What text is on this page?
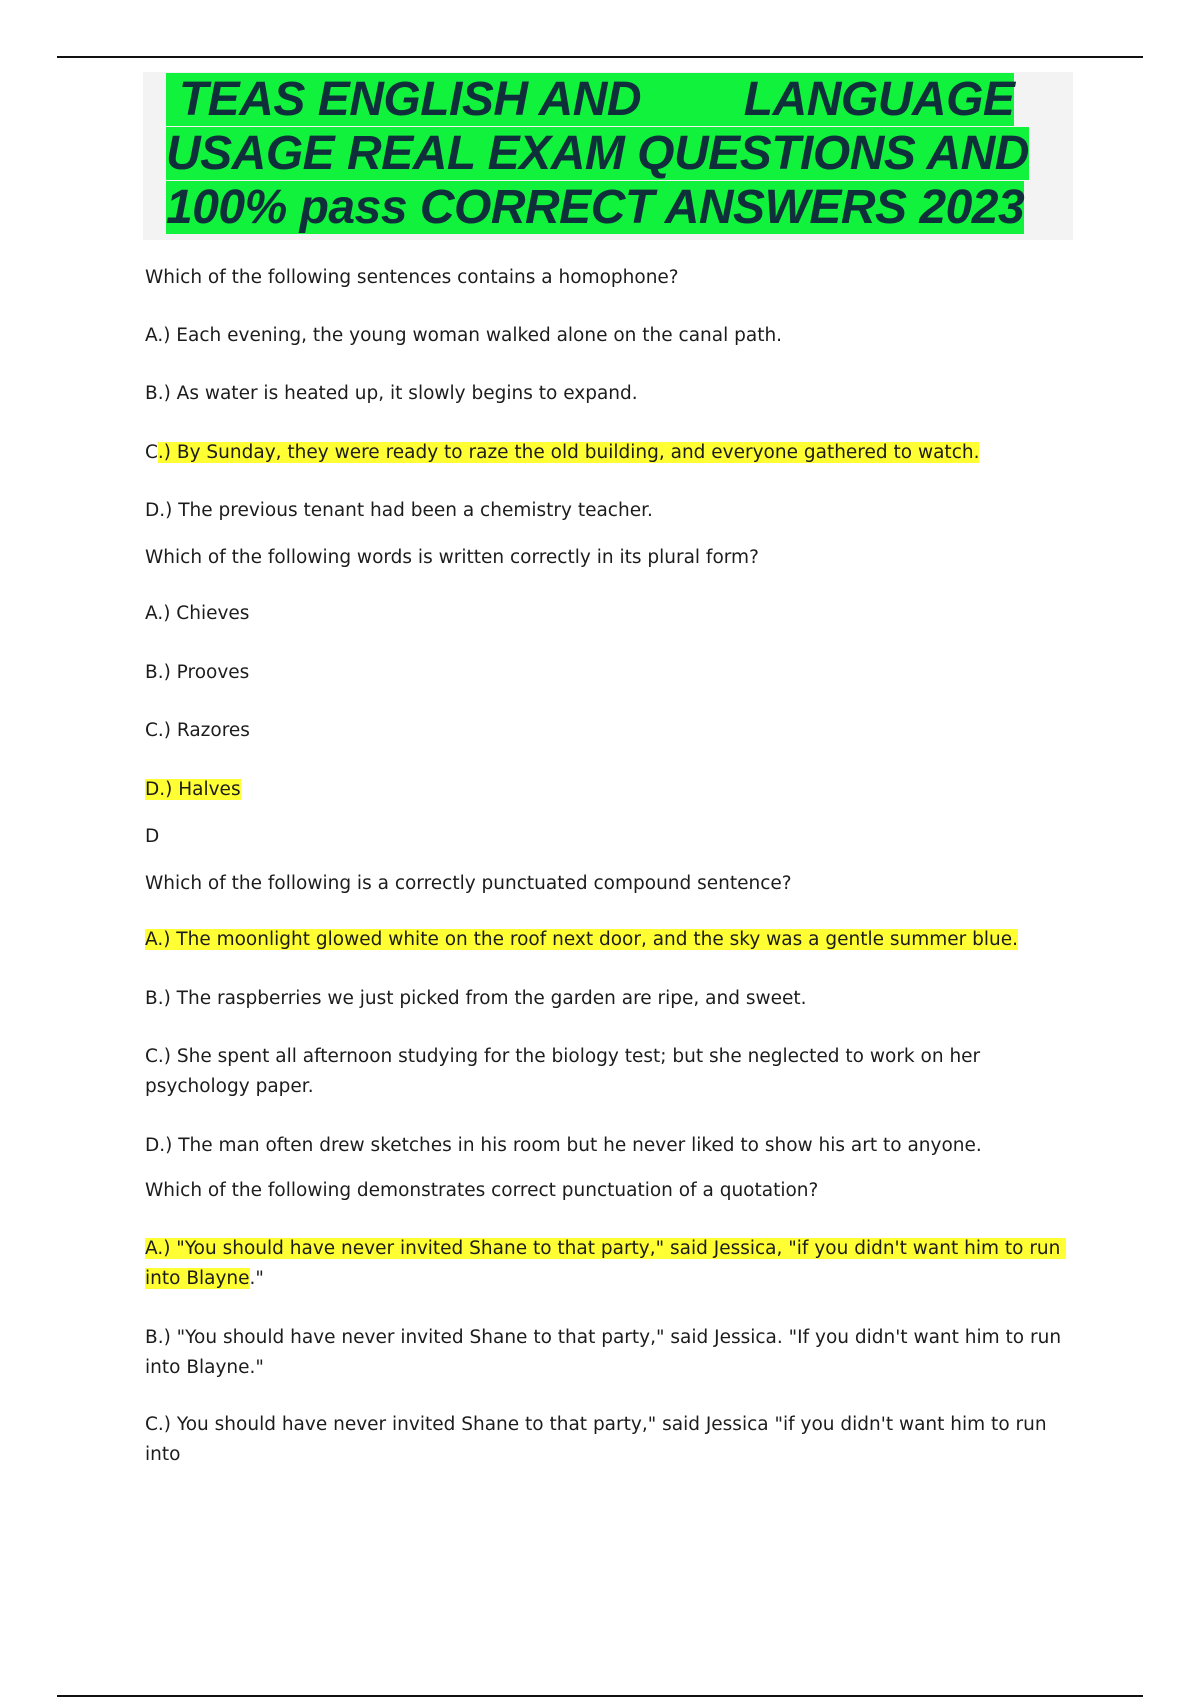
TEAS ENGLISH AND        LANGUAGE
USAGE REAL EXAM QUESTIONS AND
100% pass CORRECT ANSWERS 2023
Which of the following sentences contains a homophone?
A.) Each evening, the young woman walked alone on the canal path.
B.) As water is heated up, it slowly begins to expand.
C.) By Sunday, they were ready to raze the old building, and everyone gathered to watch.
D.) The previous tenant had been a chemistry teacher.
Which of the following words is written correctly in its plural form?
A.) Chieves
B.) Prooves
C.) Razores
D.) Halves
D
Which of the following is a correctly punctuated compound sentence?
A.) The moonlight glowed white on the roof next door, and the sky was a gentle summer blue.
B.) The raspberries we just picked from the garden are ripe, and sweet.
C.) She spent all afternoon studying for the biology test; but she neglected to work on her psychology paper.
D.) The man often drew sketches in his room but he never liked to show his art to anyone.
Which of the following demonstrates correct punctuation of a quotation?
A.) "You should have never invited Shane to that party," said Jessica, "if you didn't want him to run into Blayne."
B.) "You should have never invited Shane to that party," said Jessica. "If you didn't want him to run into Blayne."
C.) You should have never invited Shane to that party," said Jessica "if you didn't want him to run into
